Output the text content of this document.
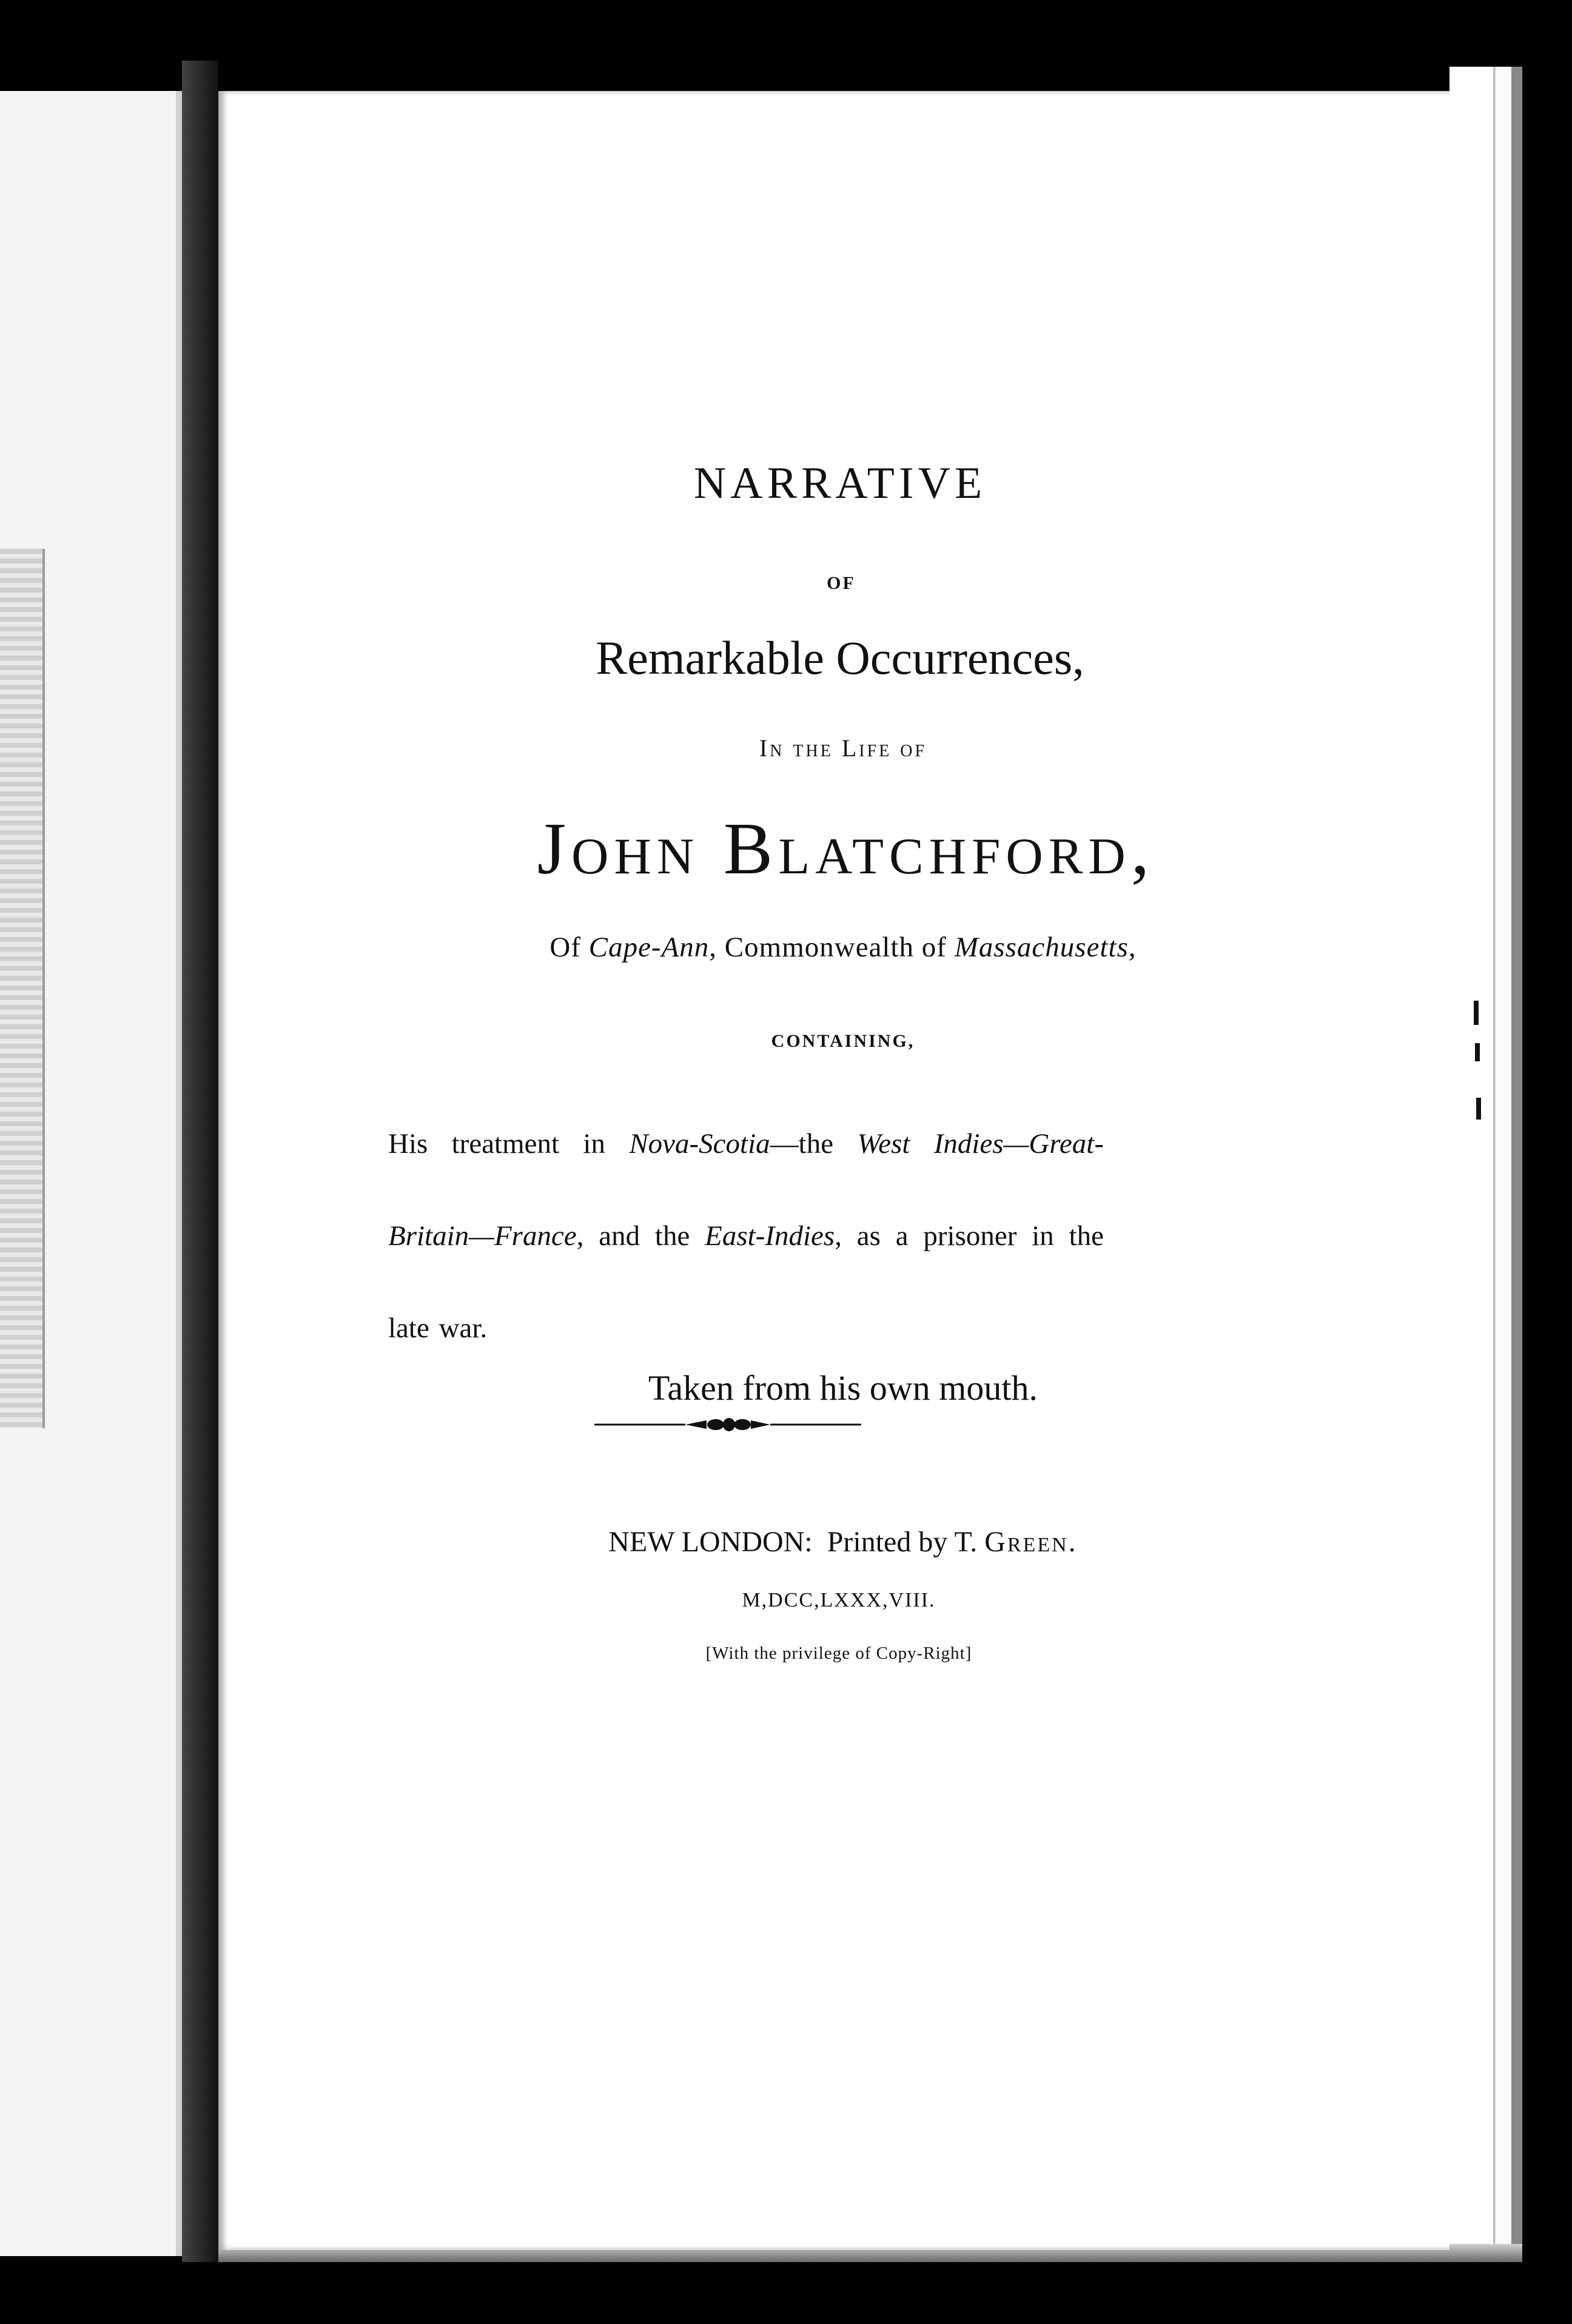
NARRATIVE
OF
Remarkable Occurrences,
In the Life of
John Blatchford,
Of Cape-Ann, Commonwealth of Massachusetts,
CONTAINING,
His treatment in Nova-Scotia—the West Indies—Great-Britain—France, and the East-Indies, as a prisoner in the late war.
Taken from his own mouth.
NEW LONDON: Printed by T. Green.
M,DCC,LXXX,VIII.
[With the privilege of Copy-Right]
